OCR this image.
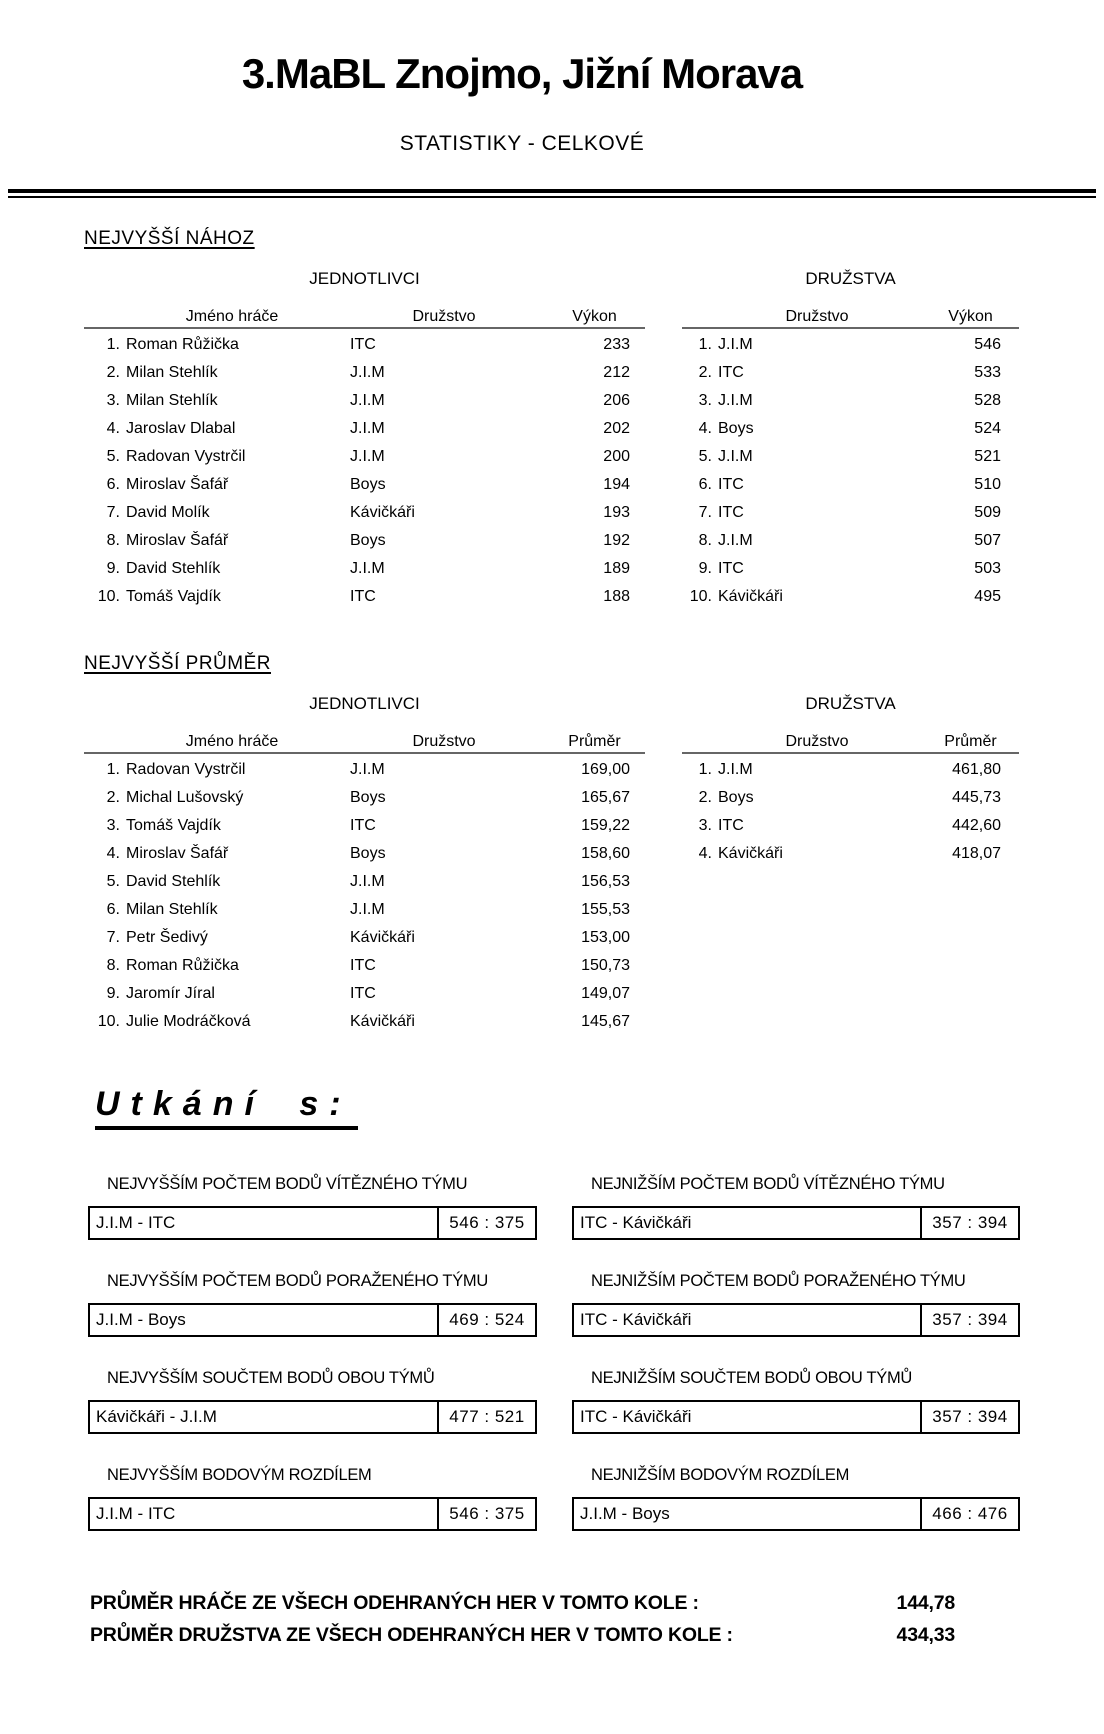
3.MaBL Znojmo, Jižní Morava
STATISTIKY - CELKOVÉ
NEJVYŠŠÍ NÁHOZ
JEDNOTLIVCI
Jméno hráče	Družstvo	Výkon
1. Roman Růžička	ITC	233
2. Milan Stehlík	J.I.M	212
3. Milan Stehlík	J.I.M	206
4. Jaroslav Dlabal	J.I.M	202
5. Radovan Vystrčil	J.I.M	200
6. Miroslav Šafář	Boys	194
7. David Molík	Kávičkáři	193
8. Miroslav Šafář	Boys	192
9. David Stehlík	J.I.M	189
10. Tomáš Vajdík	ITC	188
DRUŽSTVA
Družstvo	Výkon
1. J.I.M	546
2. ITC	533
3. J.I.M	528
4. Boys	524
5. J.I.M	521
6. ITC	510
7. ITC	509
8. J.I.M	507
9. ITC	503
10. Kávičkáři	495
NEJVYŠŠÍ PRŮMĚR
JEDNOTLIVCI
Jméno hráče	Družstvo	Průměr
1. Radovan Vystrčil	J.I.M	169,00
2. Michal Lušovský	Boys	165,67
3. Tomáš Vajdík	ITC	159,22
4. Miroslav Šafář	Boys	158,60
5. David Stehlík	J.I.M	156,53
6. Milan Stehlík	J.I.M	155,53
7. Petr Šedivý	Kávičkáři	153,00
8. Roman Růžička	ITC	150,73
9. Jaromír Jíral	ITC	149,07
10. Julie Modráčková	Kávičkáři	145,67
DRUŽSTVA
Družstvo	Průměr
1. J.I.M	461,80
2. Boys	445,73
3. ITC	442,60
4. Kávičkáři	418,07
Utkání s:
NEJVYŠŠÍM POČTEM BODŮ VÍTĚZNÉHO TÝMU
J.I.M - ITC	546 : 375
NEJNIŽŠÍM POČTEM BODŮ VÍTĚZNÉHO TÝMU
ITC - Kávičkáři	357 : 394
NEJVYŠŠÍM POČTEM BODŮ PORAŽENÉHO TÝMU
J.I.M - Boys	469 : 524
NEJNIŽŠÍM POČTEM BODŮ PORAŽENÉHO TÝMU
ITC - Kávičkáři	357 : 394
NEJVYŠŠÍM SOUČTEM BODŮ OBOU TÝMŮ
Kávičkáři - J.I.M	477 : 521
NEJNIŽŠÍM SOUČTEM BODŮ OBOU TÝMŮ
ITC - Kávičkáři	357 : 394
NEJVYŠŠÍM BODOVÝM ROZDÍLEM
J.I.M - ITC	546 : 375
NEJNIŽŠÍM BODOVÝM ROZDÍLEM
J.I.M - Boys	466 : 476
PRŮMĚR HRÁČE ZE VŠECH ODEHRANÝCH HER V TOMTO KOLE :	144,78
PRŮMĚR DRUŽSTVA ZE VŠECH ODEHRANÝCH HER V TOMTO KOLE :	434,33
